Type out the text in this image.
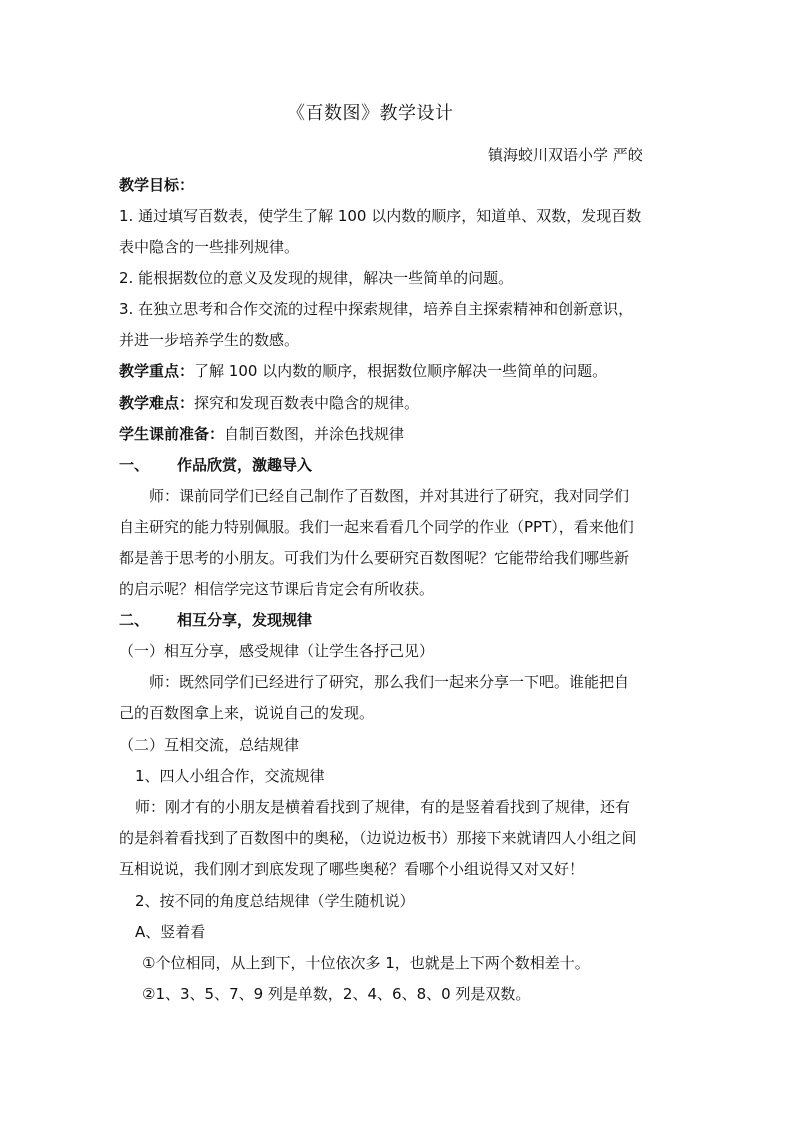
《百数图》教学设计
镇海蛟川双语小学 严皎
教学目标：
1. 通过填写百数表，使学生了解 100 以内数的顺序，知道单、双数，发现百数
表中隐含的一些排列规律。
2. 能根据数位的意义及发现的规律，解决一些简单的问题。
3. 在独立思考和合作交流的过程中探索规律，培养自主探索精神和创新意识，
并进一步培养学生的数感。
教学重点：了解 100 以内数的顺序，根据数位顺序解决一些简单的问题。
教学难点：探究和发现百数表中隐含的规律。
学生课前准备：自制百数图，并涂色找规律
一、 作品欣赏，激趣导入
师：课前同学们已经自己制作了百数图，并对其进行了研究，我对同学们
自主研究的能力特别佩服。我们一起来看看几个同学的作业（PPT），看来他们
都是善于思考的小朋友。可我们为什么要研究百数图呢？它能带给我们哪些新
的启示呢？相信学完这节课后肯定会有所收获。
二、 相互分享，发现规律
（一）相互分享，感受规律（让学生各抒己见）
师：既然同学们已经进行了研究，那么我们一起来分享一下吧。谁能把自
己的百数图拿上来，说说自己的发现。
（二）互相交流，总结规律
1、四人小组合作，交流规律
师：刚才有的小朋友是横着看找到了规律，有的是竖着看找到了规律，还有
的是斜着看找到了百数图中的奥秘，（边说边板书）那接下来就请四人小组之间
互相说说，我们刚才到底发现了哪些奥秘？看哪个小组说得又对又好！
2、按不同的角度总结规律（学生随机说）
A、竖着看
①个位相同，从上到下，十位依次多 1，也就是上下两个数相差十。
②1、3、5、7、9 列是单数，2、4、6、8、0 列是双数。
